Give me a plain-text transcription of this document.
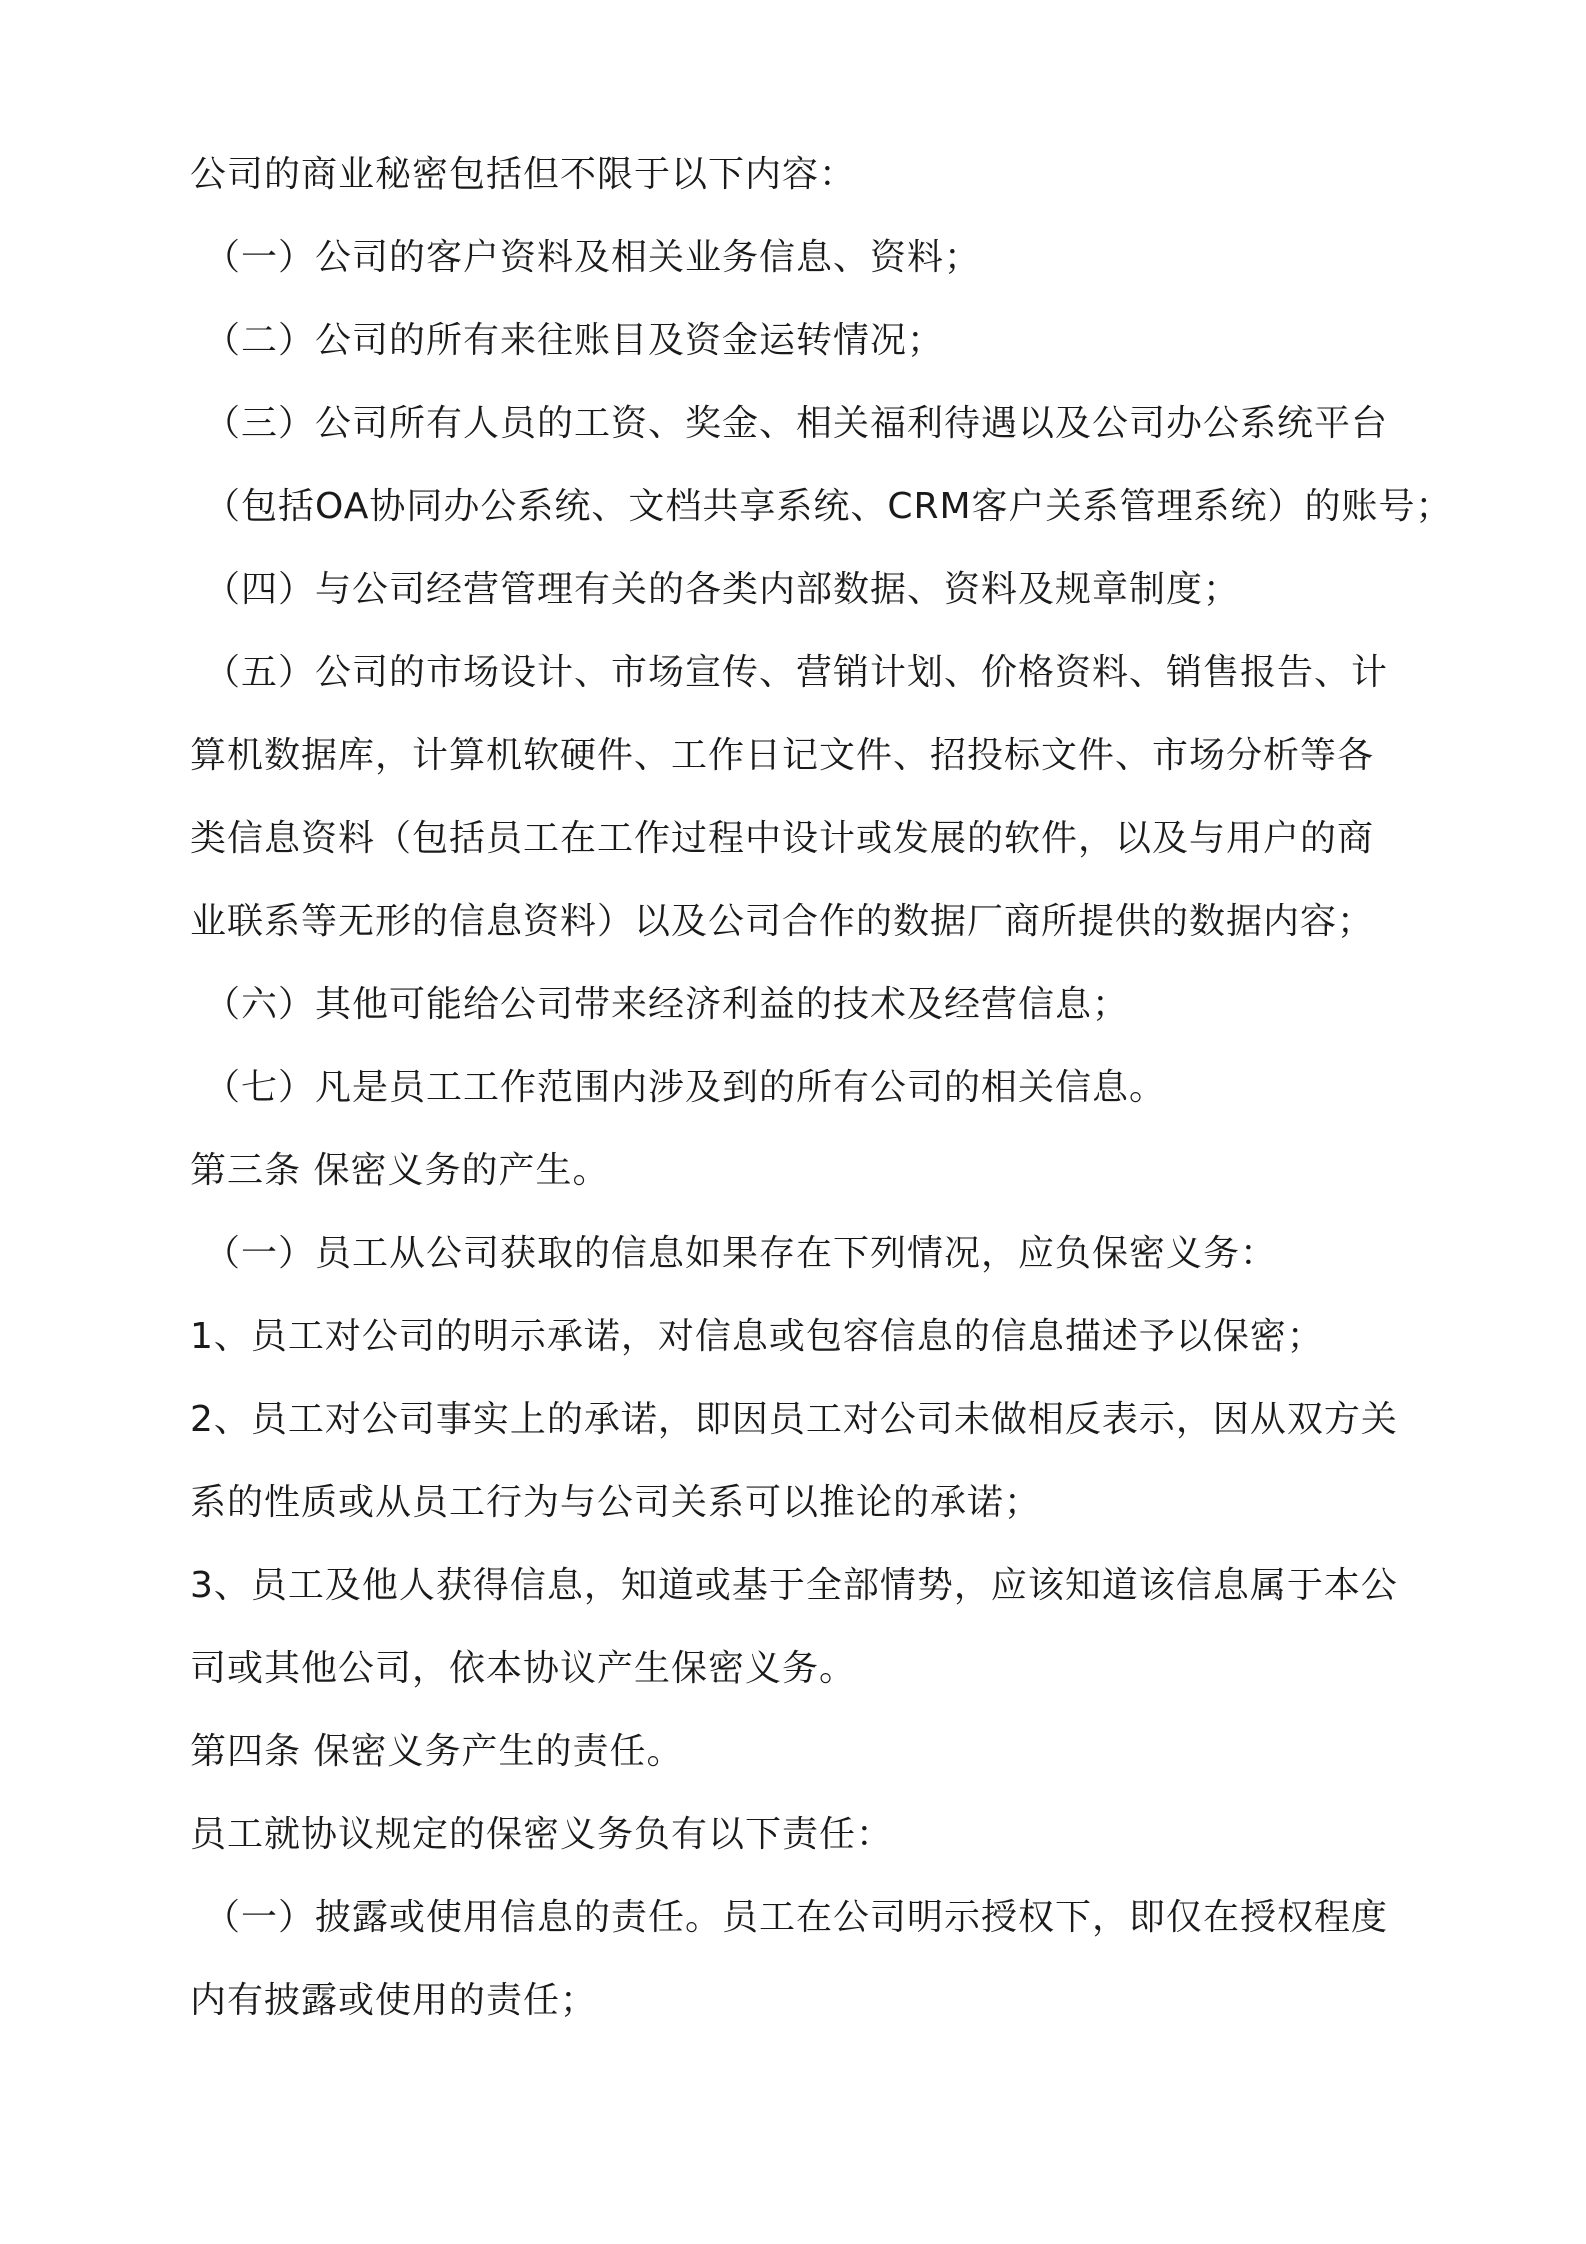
公司的商业秘密包括但不限于以下内容：
（一）公司的客户资料及相关业务信息、资料；
（二）公司的所有来往账目及资金运转情况；
（三）公司所有人员的工资、奖金、相关福利待遇以及公司办公系统平台
（包括OA协同办公系统、文档共享系统、CRM客户关系管理系统）的账号；
（四）与公司经营管理有关的各类内部数据、资料及规章制度；
（五）公司的市场设计、市场宣传、营销计划、价格资料、销售报告、计
算机数据库，计算机软硬件、工作日记文件、招投标文件、市场分析等各
类信息资料（包括员工在工作过程中设计或发展的软件，以及与用户的商
业联系等无形的信息资料）以及公司合作的数据厂商所提供的数据内容；
（六）其他可能给公司带来经济利益的技术及经营信息；
（七）凡是员工工作范围内涉及到的所有公司的相关信息。
第三条 保密义务的产生。
（一）员工从公司获取的信息如果存在下列情况，应负保密义务：
1、员工对公司的明示承诺，对信息或包容信息的信息描述予以保密；
2、员工对公司事实上的承诺，即因员工对公司未做相反表示，因从双方关
系的性质或从员工行为与公司关系可以推论的承诺；
3、员工及他人获得信息，知道或基于全部情势，应该知道该信息属于本公
司或其他公司，依本协议产生保密义务。
第四条 保密义务产生的责任。
员工就协议规定的保密义务负有以下责任：
（一）披露或使用信息的责任。员工在公司明示授权下，即仅在授权程度
内有披露或使用的责任；
